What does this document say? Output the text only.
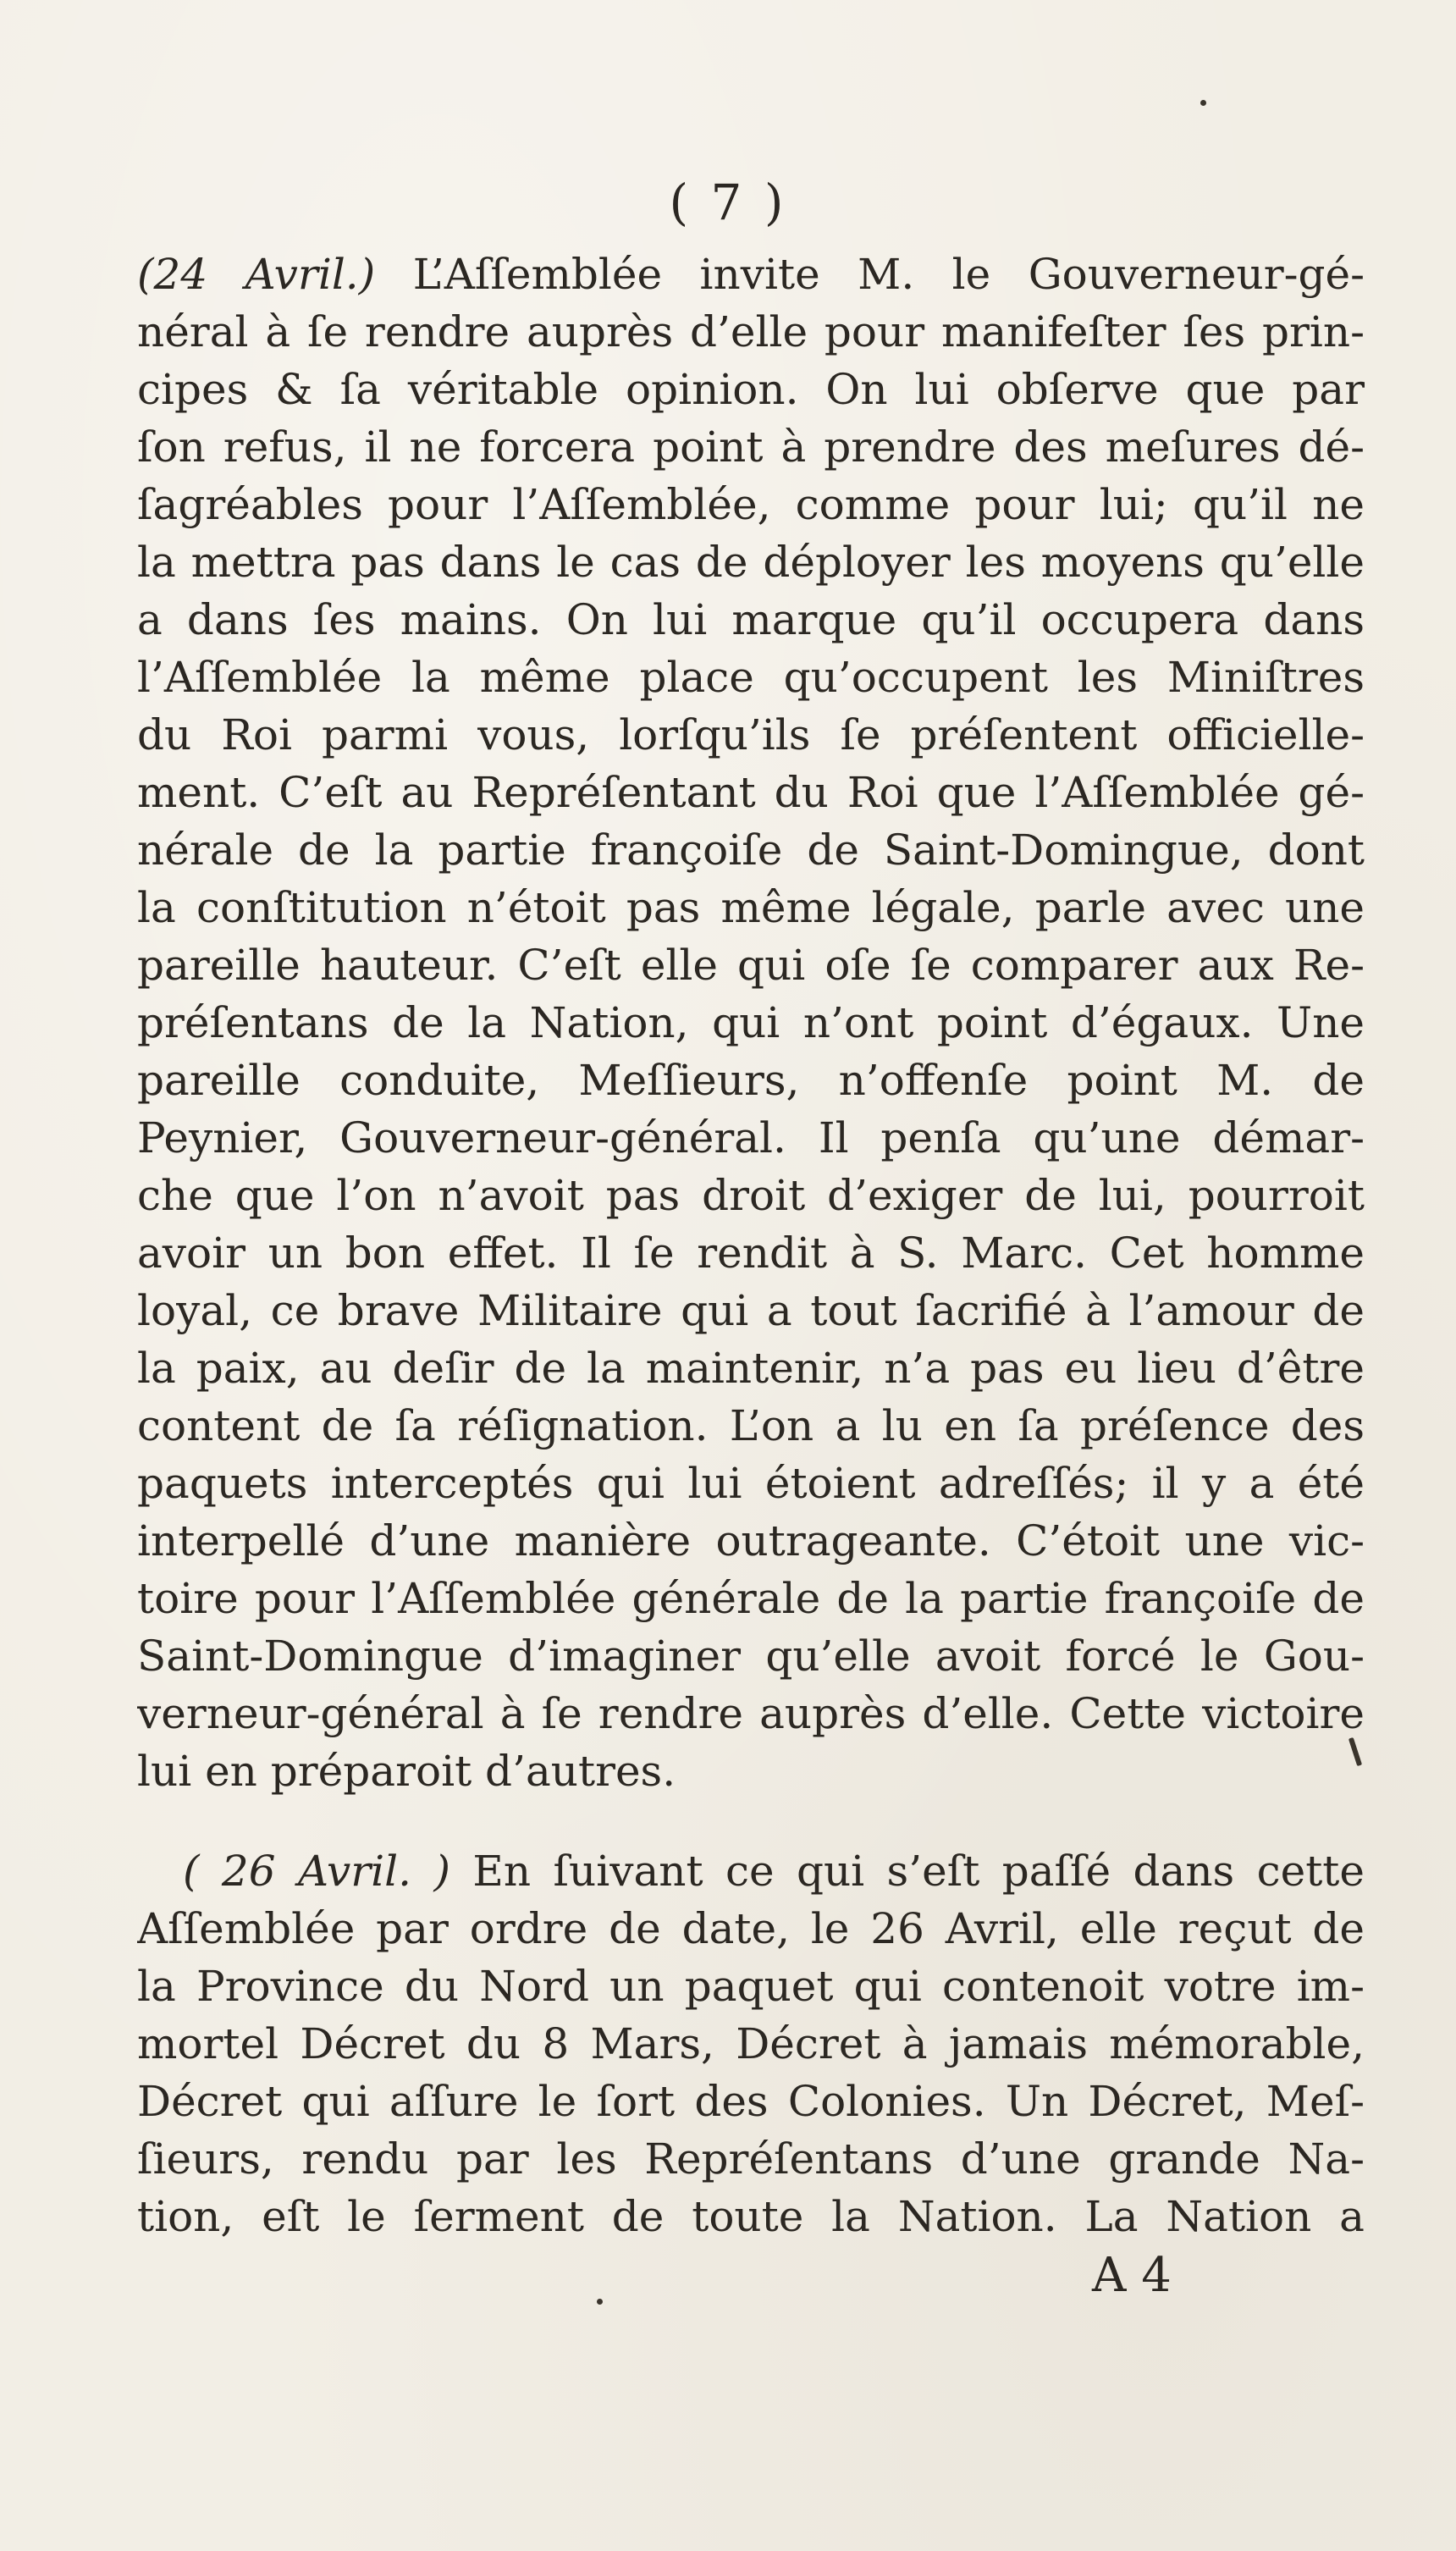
( 7 )
(24 Avril.) L’Aſſemblée invite M. le Gouverneur-gé-
néral à ſe rendre auprès d’elle pour manifeſter ſes prin-
cipes & ſa véritable opinion. On lui obſerve que par
ſon refus, il ne forcera point à prendre des meſures dé-
ſagréables pour l’Aſſemblée, comme pour lui; qu’il ne
la mettra pas dans le cas de déployer les moyens qu’elle
a dans ſes mains. On lui marque qu’il occupera dans
l’Aſſemblée la même place qu’occupent les Miniſtres
du Roi parmi vous, lorſqu’ils ſe préſentent officielle-
ment. C’eſt au Repréſentant du Roi que l’Aſſemblée gé-
nérale de la partie françoiſe de Saint-Domingue, dont
la conſtitution n’étoit pas même légale, parle avec une
pareille hauteur. C’eſt elle qui oſe ſe comparer aux Re-
préſentans de la Nation, qui n’ont point d’égaux. Une
pareille conduite, Meſſieurs, n’offenſe point M. de
Peynier, Gouverneur-général. Il penſa qu’une démar-
che que l’on n’avoit pas droit d’exiger de lui, pourroit
avoir un bon effet. Il ſe rendit à S. Marc. Cet homme
loyal, ce brave Militaire qui a tout ſacrifié à l’amour de
la paix, au deſir de la maintenir, n’a pas eu lieu d’être
content de ſa réſignation. L’on a lu en ſa préſence des
paquets interceptés qui lui étoient adreſſés; il y a été
interpellé d’une manière outrageante. C’étoit une vic-
toire pour l’Aſſemblée générale de la partie françoiſe de
Saint-Domingue d’imaginer qu’elle avoit forcé le Gou-
verneur-général à ſe rendre auprès d’elle. Cette victoire
lui en préparoit d’autres.
( 26 Avril. ) En ſuivant ce qui s’eſt paſſé dans cette
Aſſemblée par ordre de date, le 26 Avril, elle reçut de
la Province du Nord un paquet qui contenoit votre im-
mortel Décret du 8 Mars, Décret à jamais mémorable,
Décret qui aſſure le ſort des Colonies. Un Décret, Meſ-
ſieurs, rendu par les Repréſentans d’une grande Na-
tion, eſt le ſerment de toute la Nation. La Nation a
A 4
